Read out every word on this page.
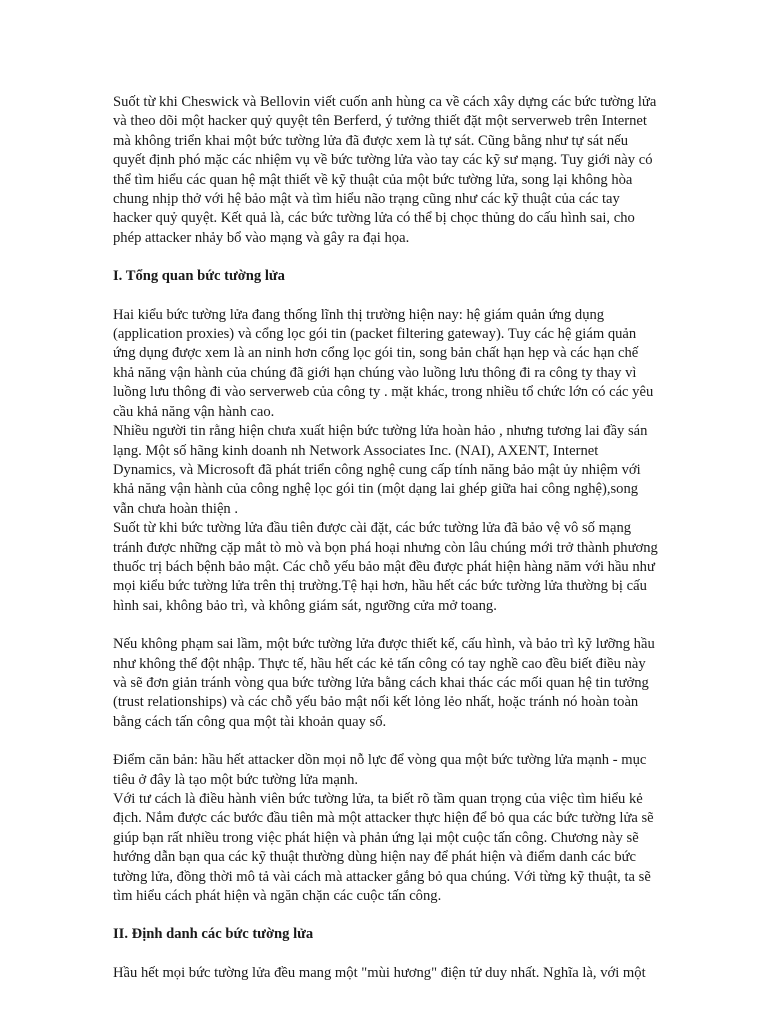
Suốt từ khi Cheswick và Bellovin viết cuốn anh hùng ca về cách xây dựng các bức tường lửa và theo dõi một hacker quỷ quyệt tên Berferd, ý tưởng thiết đặt một serverweb trên Internet mà không triển khai một bức tường lửa đã được xem là tự sát. Cũng bằng như tự sát nếu quyết định phó mặc các nhiệm vụ về bức tường lửa vào tay các kỹ sư mạng. Tuy giới này có thể tìm hiểu các quan hệ mật thiết về kỹ thuật của một bức tường lửa, song lại không hòa chung nhịp thở với hệ bảo mật và tìm hiểu não trạng cũng như các kỹ thuật của các tay hacker quỷ quyệt. Kết quả là, các bức tường lửa có thể bị chọc thủng do cấu hình sai, cho phép attacker nhảy bổ vào mạng và gây ra đại họa.

I. Tổng quan bức tường lửa

Hai kiểu bức tường lửa đang thống lĩnh thị trường hiện nay: hệ giám quản ứng dụng (application proxies) và cổng lọc gói tin (packet filtering gateway). Tuy các hệ giám quản ứng dụng được xem là an ninh hơn cổng lọc gói tin, song bản chất hạn hẹp và các hạn chế khả năng vận hành của chúng đã giới hạn chúng vào luồng lưu thông đi ra công ty thay vì luồng lưu thông đi vào serverweb của công ty . mặt khác, trong nhiều tổ chức lớn có các yêu cầu khả năng vận hành cao.

Nhiều người tin rằng hiện chưa xuất hiện bức tường lửa hoàn hảo , nhưng tương lai đầy sán lạng. Một số hãng kinh doanh nh Network Associates Inc. (NAI), AXENT, Internet Dynamics, và Microsoft đã phát triển công nghệ cung cấp tính năng bảo mật ủy nhiệm với khả năng vận hành của công nghệ lọc gói tin (một dạng lai ghép giữa hai công nghệ),song vẫn chưa hoàn thiện .

Suốt từ khi bức tường lửa đầu tiên được cài đặt, các bức tường lửa đã bảo vệ vô số mạng tránh được những cặp mắt tò mò và bọn phá hoại nhưng còn lâu chúng mới trở thành phương thuốc trị bách bệnh bảo mật. Các chỗ yếu bảo mật đều được phát hiện hàng năm với hầu như mọi kiểu bức tường lửa trên thị trường.Tệ hại hơn, hầu hết các bức tường lửa thường bị cấu hình sai, không bảo trì, và không giám sát, ngưỡng cửa mở toang.

Nếu không phạm sai lầm, một bức tường lửa được thiết kế, cấu hình, và bảo trì kỹ lưỡng hầu như không thể đột nhập. Thực tế, hầu hết các kẻ tấn công có tay nghề cao đều biết điều này và sẽ đơn giản tránh vòng qua bức tường lửa bằng cách khai thác các mối quan hệ tin tưởng (trust relationships) và các chỗ yếu bảo mật nối kết lỏng lẻo nhất, hoặc tránh nó hoàn toàn bằng cách tấn công qua một tài khoản quay số.

Điểm căn bản: hầu hết attacker dồn mọi nỗ lực để vòng qua một bức tường lửa mạnh - mục tiêu ở đây là tạo một bức tường lửa mạnh.

Với tư cách là điều hành viên bức tường lửa, ta biết rõ tầm quan trọng của việc tìm hiểu kẻ địch. Nắm được các bước đầu tiên mà một attacker thực hiện để bỏ qua các bức tường lửa sẽ giúp bạn rất nhiều trong việc phát hiện và phản ứng lại một cuộc tấn công. Chương này sẽ hướng dẫn bạn qua các kỹ thuật thường dùng hiện nay để phát hiện và điểm danh các bức tường lửa, đồng thời mô tả vài cách mà attacker gắng bỏ qua chúng. Với từng kỹ thuật, ta sẽ tìm hiểu cách phát hiện và ngăn chặn các cuộc tấn công.

II. Định danh các bức tường lửa

Hầu hết mọi bức tường lửa đều mang một "mùi hương" điện tử duy nhất. Nghĩa là, với một
